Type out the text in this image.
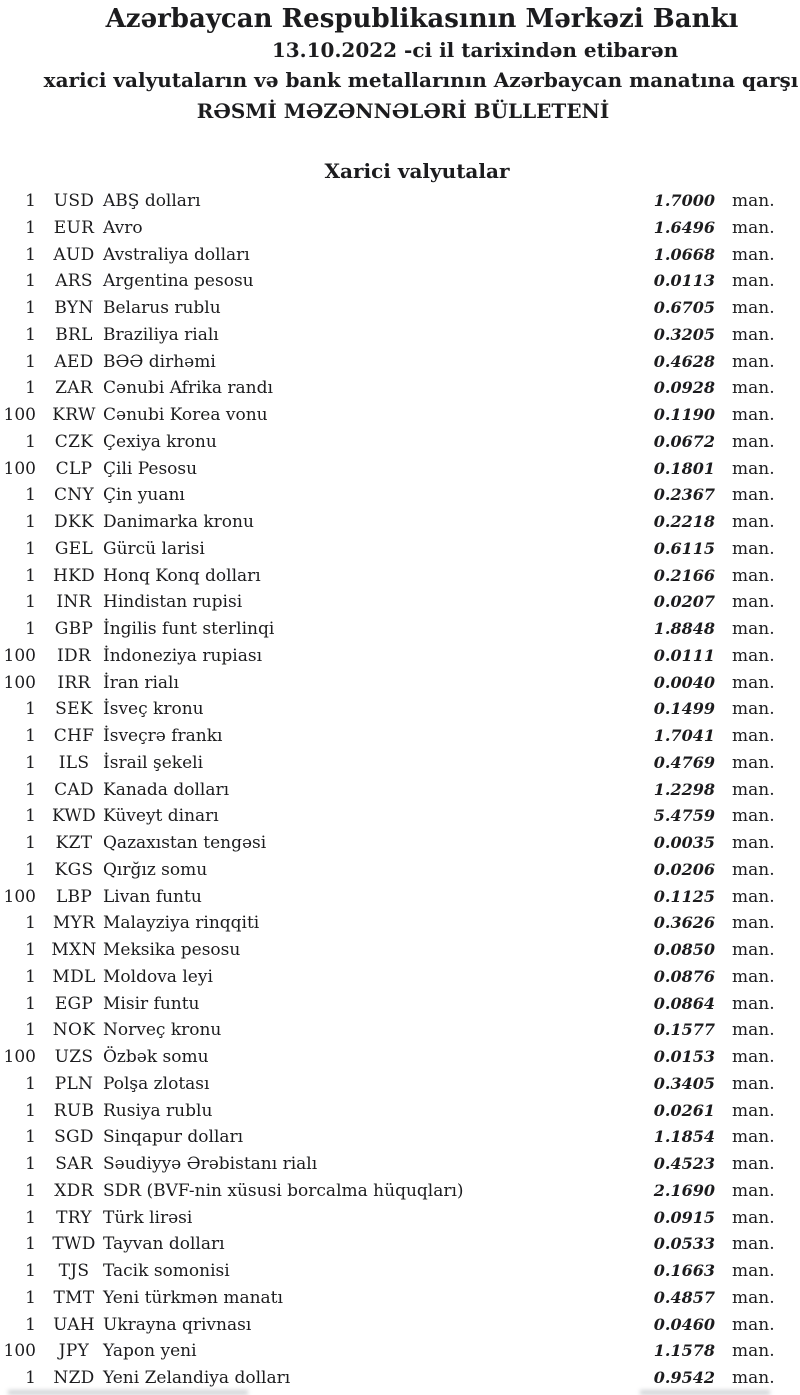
Azərbaycan Respublikasının Mərkəzi Bankı
13.10.2022 -ci il tarixindən etibarən
xarici valyutaların və bank metallarının Azərbaycan manatına qarşı
RƏSMİ MƏZƏNNƏLƏRİ BÜLLETENİ
Xarici valyutalar
1	USD ABŞ dolları	1.7000 man.
1	EUR Avro	1.6496 man.
1	AUD Avstraliya dolları	1.0668 man.
1	ARS Argentina pesosu	0.0113 man.
1	BYN Belarus rublu	0.6705 man.
1	BRL Braziliya rialı	0.3205 man.
1	AED BƏƏ dirhəmi	0.4628 man.
1	ZAR Cənubi Afrika randı	0.0928 man.
100 KRW Cənubi Korea vonu	0.1190 man.
1	CZK Çexiya kronu	0.0672 man.
100	CLP Çili Pesosu	0.1801 man.
1	CNY Çin yuanı	0.2367 man.
1	DKK Danimarka kronu	0.2218 man.
1	GEL Gürcü larisi	0.6115 man.
1 HKD Honq Konq dolları	0.2166 man.
1	INR Hindistan rupisi	0.0207 man.
1	GBP İngilis funt sterlinqi	1.8848 man.
100	IDR İndoneziya rupiası	0.0111 man.
100	IRR İran rialı	0.0040 man.
1	SEK İsveç kronu	0.1499 man.
1	CHF İsveçrə frankı	1.7041 man.
1	ILS İsrail şekeli	0.4769 man.
1	CAD Kanada dolları	1.2298 man.
1 KWD Küveyt dinarı	5.4759 man.
1	KZT Qazaxıstan tengəsi	0.0035 man.
1	KGS Qırğız somu	0.0206 man.
100	LBP Livan funtu	0.1125 man.
1 MYR Malayziya rinqqiti	0.3626 man.
1 MXN Meksika pesosu	0.0850 man.
1 MDL Moldova leyi	0.0876 man.
1	EGP Misir funtu	0.0864 man.
1 NOK Norveç kronu	0.1577 man.
100	UZS Özbək somu	0.0153 man.
1	PLN Polşa zlotası	0.3405 man.
1	RUB Rusiya rublu	0.0261 man.
1	SGD Sinqapur dolları	1.1854 man.
1	SAR Səudiyyə Ərəbistanı rialı	0.4523 man.
1	XDR SDR (BVF-nin xüsusi borcalma hüquqları)	2.1690 man.
1	TRY Türk lirəsi	0.0915 man.
1 TWD Tayvan dolları	0.0533 man.
1	TJS Tacik somonisi	0.1663 man.
1	TMT Yeni türkmən manatı	0.4857 man.
1	UAH Ukrayna qrivnası	0.0460 man.
100	JPY Yapon yeni	1.1578 man.
1	NZD Yeni Zelandiya dolları	0.9542 man.
